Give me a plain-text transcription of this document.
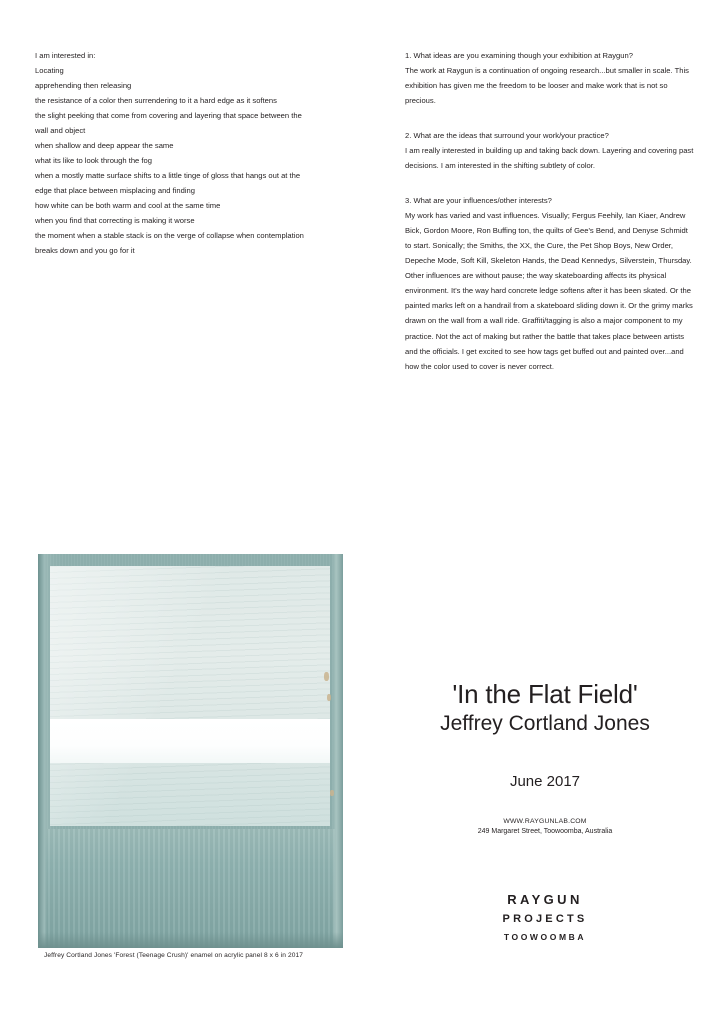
I am interested in:

Locating

apprehending then releasing

the resistance of a color then surrendering to it a hard edge as it softens

the slight peeking that come from covering and layering that space between the

wall and object

when shallow and deep appear the same

what its like to look through the fog

when a mostly matte surface shifts to a little tinge of gloss that hangs out at the

edge that place between misplacing and finding

how white can be both warm and cool at the same time

when you find that correcting is making it worse

the moment when a stable stack is on the verge of collapse when contemplation

breaks down and you go for it

1. What ideas are you examining though your exhibition at Raygun?

The work at Raygun is a continuation of ongoing research...but smaller in scale. This exhibition has given me the freedom to be looser and make work that is not so precious.

2. What are the ideas that surround your work/your practice?

I am really interested in building up and taking back down. Layering and covering past decisions. I am interested in the shifting subtlety of color.

3. What are your influences/other interests?

My work has varied and vast influences. Visually; Fergus Feehily, Ian Kiaer, Andrew Bick, Gordon Moore, Ron Buffing ton, the quilts of Gee's Bend, and Denyse Schmidt to start. Sonically; the Smiths, the XX, the Cure, the Pet Shop Boys, New Order, Depeche Mode, Soft Kill, Skeleton Hands, the Dead Kennedys, Silverstein, Thursday. Other influences are without pause; the way skateboarding affects its physical environment. It's the way hard concrete ledge softens after it has been skated. Or the painted marks left on a handrail from a skateboard sliding down it. Or the grimy marks drawn on the wall from a wall ride. Graffiti/tagging is also a major component to my practice. Not the act of making but rather the battle that takes place between artists and the officials. I get excited to see how tags get buffed out and painted over...and how the color used to cover is never correct.

Jeffrey Cortland Jones 'Forest (Teenage Crush)' enamel on acrylic panel 8 x 6 in 2017
'In the Flat Field'
Jeffrey Cortland Jones

June 2017

WWW.RAYGUNLAB.COM

249 Margaret Street, Toowoomba, Australia

RAYGUN

PROJECTS

TOOWOOMBA
